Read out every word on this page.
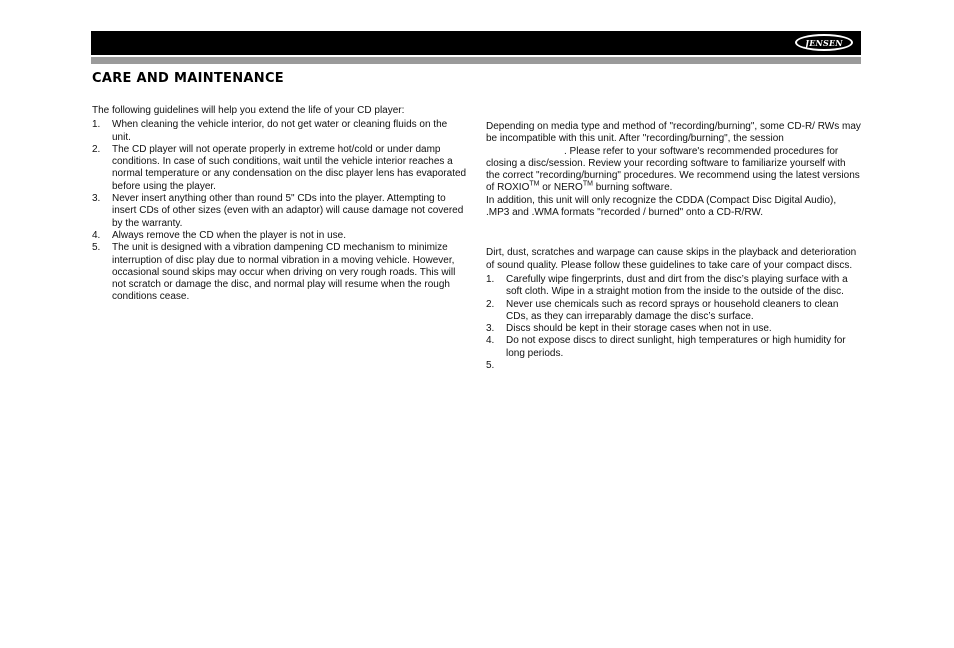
JENSEN
CARE AND MAINTENANCE

The following guidelines will help you extend the life of your CD player:

1. When cleaning the vehicle interior, do not get water or cleaning fluids on the unit.
2. The CD player will not operate properly in extreme hot/cold or under damp conditions. In case of such conditions, wait until the vehicle interior reaches a normal temperature or any condensation on the disc player lens has evaporated before using the player.
3. Never insert anything other than round 5" CDs into the player. Attempting to insert CDs of other sizes (even with an adaptor) will cause damage not covered by the warranty.
4. Always remove the CD when the player is not in use.
5. The unit is designed with a vibration dampening CD mechanism to minimize interruption of disc play due to normal vibration in a moving vehicle. However, occasional sound skips may occur when driving on very rough roads. This will not scratch or damage the disc, and normal play will resume when the rough conditions cease.

Depending on media type and method of "recording/burning", some CD-R/ RWs may be incompatible with this unit. After "recording/burning", the session. Please refer to your software's recommended procedures for closing a disc/session. Review your recording software to familiarize yourself with the correct "recording/burning" procedures. We recommend using the latest versions of ROXIO™ or NERO™ burning software.

In addition, this unit will only recognize the CDDA (Compact Disc Digital Audio), .MP3 and .WMA formats "recorded / burned" onto a CD-R/RW.

Dirt, dust, scratches and warpage can cause skips in the playback and deterioration of sound quality. Please follow these guidelines to take care of your compact discs.

1. Carefully wipe fingerprints, dust and dirt from the disc’s playing surface with a soft cloth. Wipe in a straight motion from the inside to the outside of the disc.
2. Never use chemicals such as record sprays or household cleaners to clean CDs, as they can irreparably damage the disc’s surface.
3. Discs should be kept in their storage cases when not in use.
4. Do not expose discs to direct sunlight, high temperatures or high humidity for long periods.
5.
